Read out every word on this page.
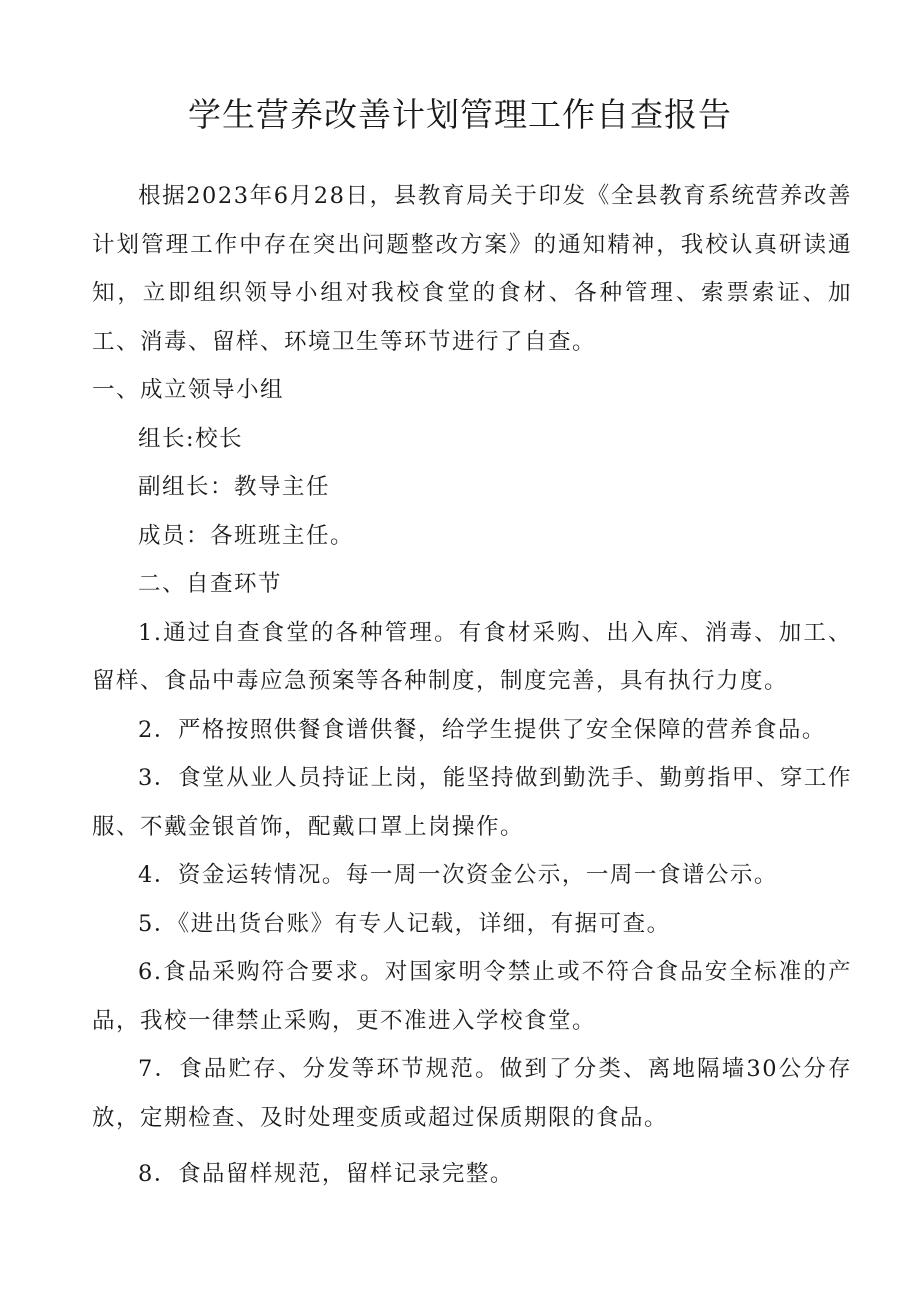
学生营养改善计划管理工作自查报告

根据2023年6月28日，县教育局关于印发《全县教育系统营养改善计划管理工作中存在突出问题整改方案》的通知精神，我校认真研读通知，立即组织领导小组对我校食堂的食材、各种管理、索票索证、加工、消毒、留样、环境卫生等环节进行了自查。

一、成立领导小组

组长:校长

副组长：教导主任

成员：各班班主任。

二、自查环节

1.通过自查食堂的各种管理。有食材采购、出入库、消毒、加工、留样、食品中毒应急预案等各种制度，制度完善，具有执行力度。

2．严格按照供餐食谱供餐，给学生提供了安全保障的营养食品。

3．食堂从业人员持证上岗，能坚持做到勤洗手、勤剪指甲、穿工作服、不戴金银首饰，配戴口罩上岗操作。

4．资金运转情况。每一周一次资金公示，一周一食谱公示。

5．《进出货台账》有专人记载，详细，有据可查。

6.食品采购符合要求。对国家明令禁止或不符合食品安全标准的产品，我校一律禁止采购，更不准进入学校食堂。

7．食品贮存、分发等环节规范。做到了分类、离地隔墙30公分存放，定期检查、及时处理变质或超过保质期限的食品。

8．食品留样规范，留样记录完整。
